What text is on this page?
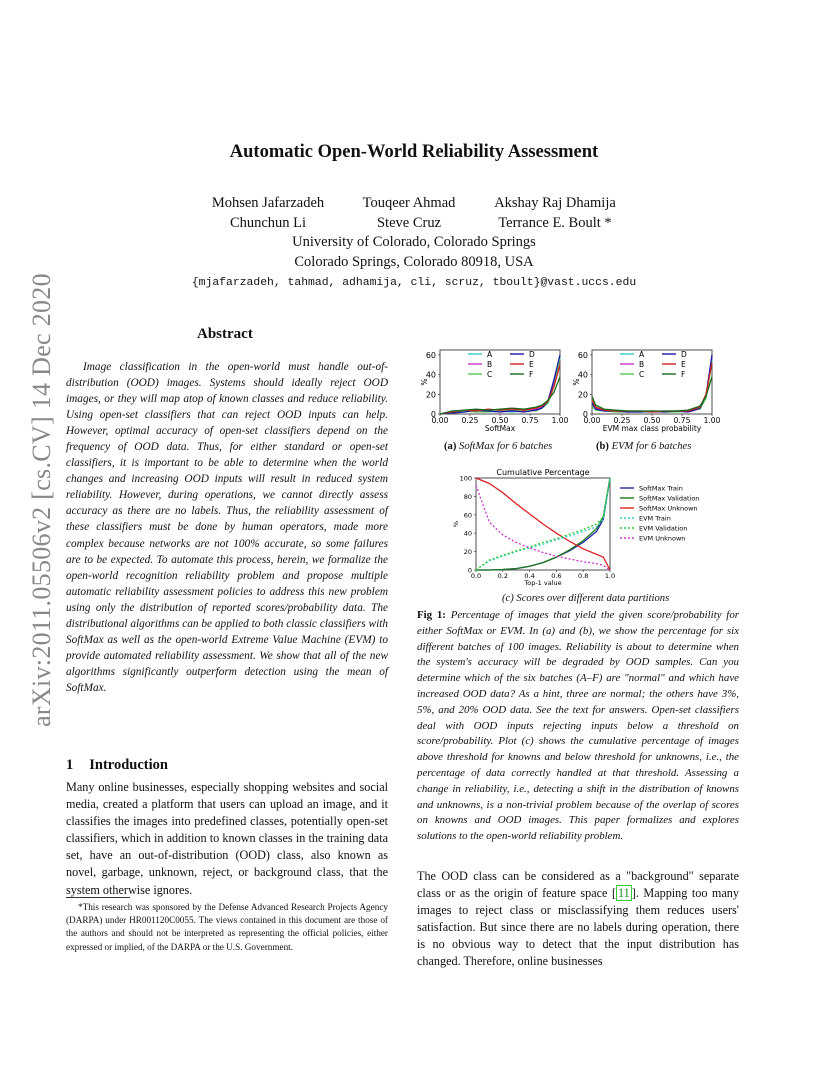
arXiv:2011.05506v2 [cs.CV] 14 Dec 2020
Automatic Open-World Reliability Assessment
Mohsen Jafarzadeh	Touqeer Ahmad	Akshay Raj Dhamija
Chunchun Li	Steve Cruz	Terrance E. Boult *
University of Colorado, Colorado Springs
Colorado Springs, Colorado 80918, USA
{mjafarzadeh, tahmad, adhamija, cli, scruz, tboult}@vast.uccs.edu
Abstract

Image classification in the open-world must handle out-of-distribution (OOD) images. Systems should ideally reject OOD images, or they will map atop of known classes and reduce reliability. Using open-set classifiers that can reject OOD inputs can help. However, optimal accuracy of open-set classifiers depend on the frequency of OOD data. Thus, for either standard or open-set classifiers, it is important to be able to determine when the world changes and increasing OOD inputs will result in reduced system reliability. However, during operations, we cannot directly assess accuracy as there are no labels. Thus, the reliability assessment of these classifiers must be done by human operators, made more complex because networks are not 100% accurate, so some failures are to be expected. To automate this process, herein, we formalize the open-world recognition reliability problem and propose multiple automatic reliability assessment policies to address this new problem using only the distribution of reported scores/probability data. The distributional algorithms can be applied to both classic classifiers with SoftMax as well as the open-world Extreme Value Machine (EVM) to provide automated reliability assessment. We show that all of the new algorithms significantly outperform detection using the mean of SoftMax.

1 Introduction

Many online businesses, especially shopping websites and social media, created a platform that users can upload an image, and it classifies the images into predefined classes, potentially open-set classifiers, which in addition to known classes in the training data set, have an out-of-distribution (OOD) class, also known as novel, garbage, unknown, reject, or background class, that the system otherwise ignores.

*This research was sponsored by the Defense Advanced Research Projects Agency (DARPA) under HR001120C0055. The views contained in this document are those of the authors and should not be interpreted as representing the official policies, either expressed or implied, of the DARPA or the U.S. Government.

0
20
40
60
0.00 0.25 0.50 0.75 1.00
SoftMax
%
A
B
C
D
E
F
0
20
40
60
0.00 0.25 0.50 0.75 1.00
EVM max class probability
%
A
B
C
D
E
F
(a) SoftMax for 6 batches	(b) EVM for 6 batches
Cumulative Percentage
0
20
40
60
80
100
0.0	0.2	0.4	0.6	0.8	1.0
Top-1 value
%
SoftMax Train
SoftMax Validation
SoftMax Unknown
EVM Train
EVM Validation
EVM Unknown
(c) Scores over different data partitions

Fig 1: Percentage of images that yield the given score/probability for either SoftMax or EVM. In (a) and (b), we show the percentage for six different batches of 100 images. Reliability is about to determine when the system's accuracy will be degraded by OOD samples. Can you determine which of the six batches (A–F) are "normal" and which have increased OOD data? As a hint, three are normal; the others have 3%, 5%, and 20% OOD data. See the text for answers. Open-set classifiers deal with OOD inputs rejecting inputs below a threshold on score/probability. Plot (c) shows the cumulative percentage of images above threshold for knowns and below threshold for unknowns, i.e., the percentage of data correctly handled at that threshold. Assessing a change in reliability, i.e., detecting a shift in the distribution of knowns and unknowns, is a non-trivial problem because of the overlap of scores on knowns and OOD images. This paper formalizes and explores solutions to the open-world reliability problem.

The OOD class can be considered as a "background" separate class or as the origin of feature space [ 11 ]. Mapping too many images to reject class or misclassifying them reduces users' satisfaction. But since there are no labels during operation, there is no obvious way to detect that the input distribution has changed. Therefore, online businesses
